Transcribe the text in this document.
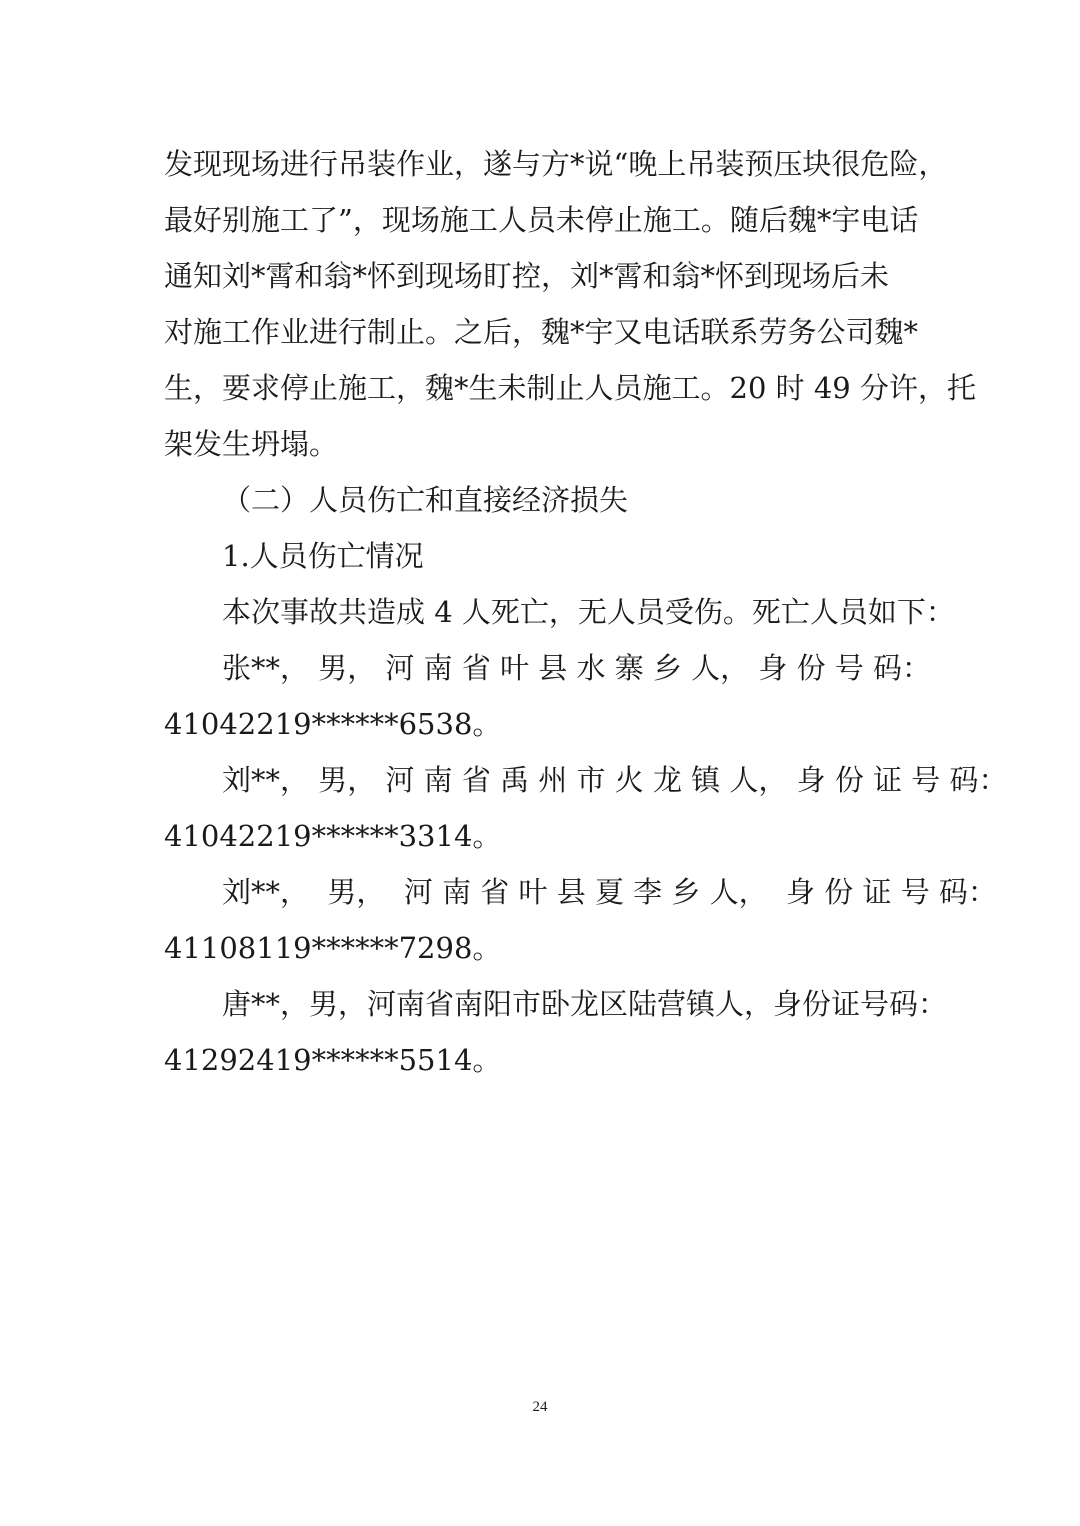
发现现场进行吊装作业，遂与方*说“晚上吊装预压块很危险，
最好别施工了”，现场施工人员未停止施工。随后魏*宇电话
通知刘*霄和翁*怀到现场盯控，刘*霄和翁*怀到现场后未
对施工作业进行制止。之后，魏*宇又电话联系劳务公司魏*
生，要求停止施工，魏*生未制止人员施工。20 时 49 分许，托
架发生坍塌。
（二）人员伤亡和直接经济损失
1.人员伤亡情况
本次事故共造成 4 人死亡，无人员受伤。死亡人员如下：
张**， 男， 河 南 省 叶 县 水 寨 乡 人， 身 份 号 码：
41042219******6538。
刘**， 男， 河 南 省 禹 州 市 火 龙 镇 人， 身 份 证 号 码：
41042219******3314。
刘**，  男，  河 南 省 叶 县 夏 李 乡 人，  身 份 证 号 码：
41108119******7298。
唐**，男，河南省南阳市卧龙区陆营镇人，身份证号码：
41292419******5514。
24
